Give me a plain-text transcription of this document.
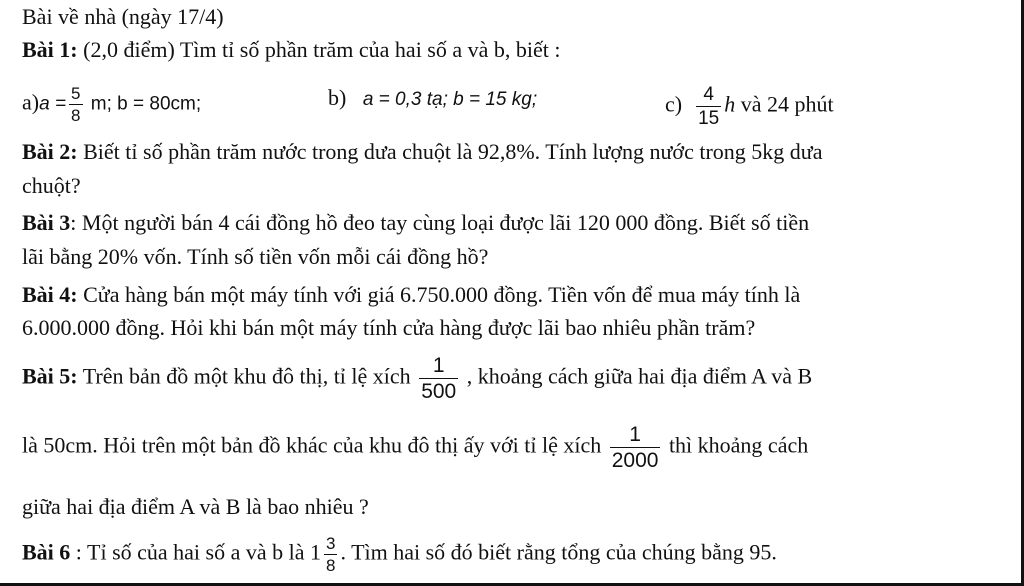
Bài về nhà (ngày 17/4)
Bài 1: (2,0 điểm) Tìm tỉ số phần trăm của hai số a và b, biết :
$a)a = \frac{5}{8} m$; b = 80cm;	b) a = 0,3 tạ; b = 15 kg;	$c) \frac{4}{15}$ h và 24 phút
Bài 2: Biết tỉ số phần trăm nước trong dưa chuột là 92,8%. Tính lượng nước trong 5kg dưa
chuột?
Bài 3: Một người bán 4 cái đồng hồ đeo tay cùng loại được lãi 120 000 đồng. Biết số tiền
lãi bằng 20% vốn. Tính số tiền vốn mỗi cái đồng hồ?
Bài 4: Cửa hàng bán một máy tính với giá 6.750.000 đồng. Tiền vốn để mua máy tính là
6.000.000 đồng. Hỏi khi bán một máy tính cửa hàng được lãi bao nhiêu phần trăm?
Bài 5: Trên bản đồ một khu đô thị, tỉ lệ xích $\frac{1}{500}$ , khoảng cách giữa hai địa điểm A và B
là 50cm. Hỏi trên một bản đồ khác của khu đô thị ấy với tỉ lệ xích $\frac{1}{2000}$ thì khoảng cách
giữa hai địa điểm A và B là bao nhiêu ?
Bài 6 : Tỉ số của hai số a và b là $1 \frac{3}{8}$ . Tìm hai số đó biết rằng tổng của chúng bằng 95.
